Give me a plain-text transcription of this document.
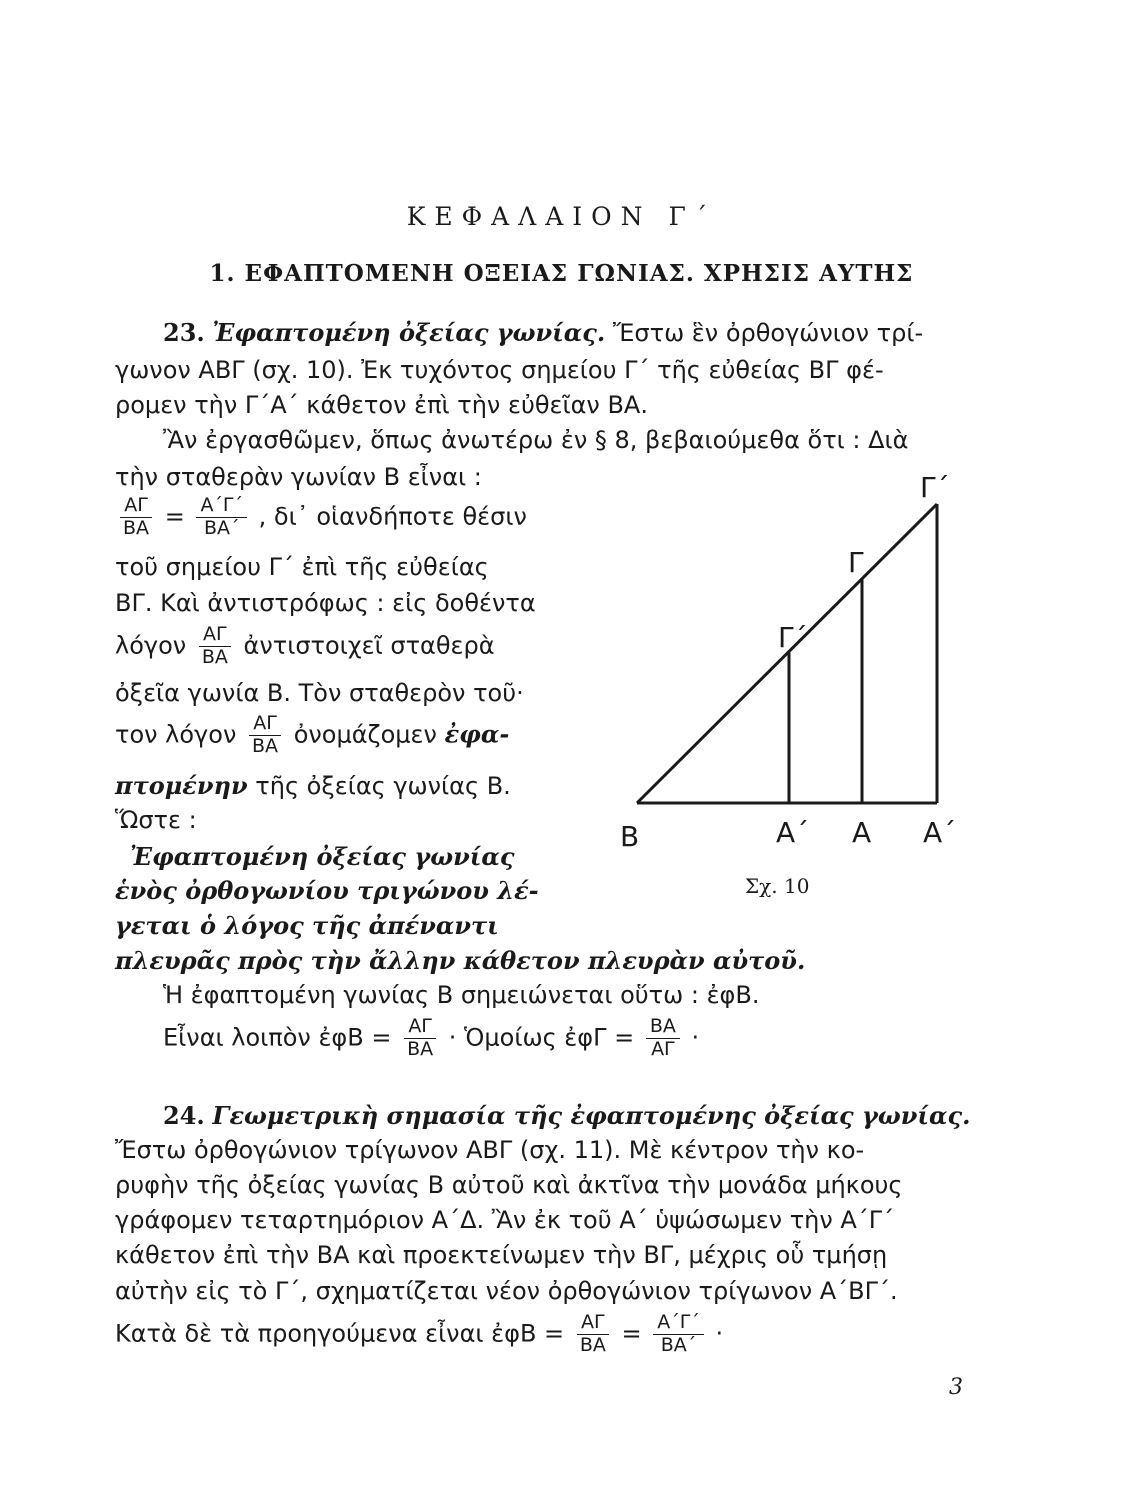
ΚΕΦΑΛΑΙΟΝ Γ΄
1. ΕΦΑΠΤΟΜΕΝΗ ΟΞΕΙΑΣ ΓΩΝΙΑΣ. ΧΡΗΣΙΣ ΑΥΤΗΣ
23. Ἐφαπτομένη ὀξείας γωνίας. Ἔστω ἓν ὀρθογώνιον τρί-
γωνον ΑΒΓ (σχ. 10). Ἐκ τυχόντος σημείου Γ΄ τῆς εὐθείας ΒΓ φέ-
ρομεν τὴν Γ΄Α΄ κάθετον ἐπὶ τὴν εὐθεῖαν ΒΑ.
Ἂν ἐργασθῶμεν, ὅπως ἀνωτέρω ἐν § 8, βεβαιούμεθα ὅτι : Διὰ
τὴν σταθερὰν γωνίαν Β εἶναι :
$\frac{A\Gamma}{BA} = \frac{A΄\Gamma΄}{BA΄}$ , δι᾿ οἱανδήποτε θέσιν
τοῦ σημείου Γ΄ ἐπὶ τῆς εὐθείας
ΒΓ. Καὶ ἀντιστρόφως : εἰς δοθέντα
λόγον $\frac{A\Gamma}{BA}$ ἀντιστοιχεῖ σταθερὰ
ὀξεῖα γωνία Β. Τὸν σταθερὸν τοῦ·
τον λόγον $\frac{A\Gamma}{BA}$ ὀνομάζομεν ἐφα-
πτομένην τῆς ὀξείας γωνίας Β.
Ὥστε :
Ἐφαπτομένη ὀξείας γωνίας
ἑνὸς ὀρθογωνίου τριγώνου λέ-
γεται ὁ λόγος τῆς ἀπέναντι
πλευρᾶς πρὸς τὴν ἄλλην κάθετον πλευρὰν αὐτοῦ.
Ἡ ἐφαπτομένη γωνίας Β σημειώνεται οὕτω : ἐφΒ.
Εἶναι λοιπὸν ἐφΒ = $\frac{A\Gamma}{BA}$ · Ὁμοίως ἐφΓ = $\frac{BA}{A\Gamma}$ ·
Β	Α΄ Α Α΄
Γ΄
Γ
Γ΄
Σχ. 10
24. Γεωμετρικὴ σημασία τῆς ἐφαπτομένης ὀξείας γωνίας.
Ἔστω ὀρθογώνιον τρίγωνον ΑΒΓ (σχ. 11). Μὲ κέντρον τὴν κο-
ρυφὴν τῆς ὀξείας γωνίας Β αὐτοῦ καὶ ἀκτῖνα τὴν μονάδα μήκους
γράφομεν τεταρτημόριον Α΄Δ. Ἂν ἐκ τοῦ Α΄ ὑψώσωμεν τὴν Α΄Γ΄
κάθετον ἐπὶ τὴν ΒΑ καὶ προεκτείνωμεν τὴν ΒΓ, μέχρις οὗ τμήσῃ
αὐτὴν εἰς τὸ Γ΄, σχηματίζεται νέον ὀρθογώνιον τρίγωνον Α΄ΒΓ΄.
Κατὰ δὲ τὰ προηγούμενα εἶναι ἐφΒ = $\frac{A\Gamma}{BA} = \frac{A΄\Gamma΄}{BA΄}$ ·
3
